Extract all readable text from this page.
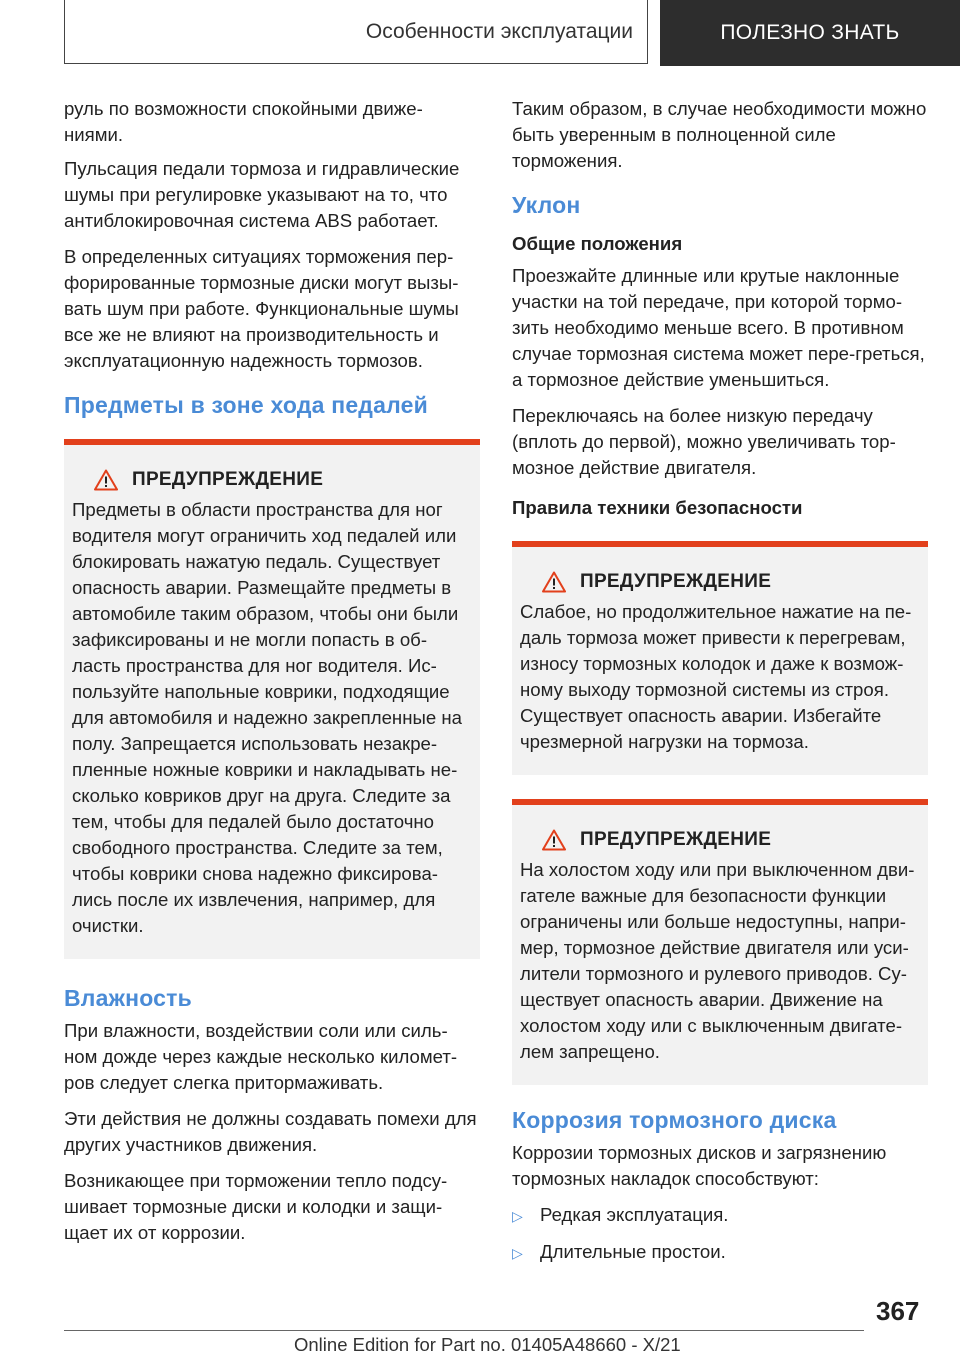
Особенности эксплуатации	ПОЛЕЗНО ЗНАТЬ

руль по возможности спокойными движе-ниями.

Пульсация педали тормоза и гидравлические шумы при регулировке указывают на то, что антиблокировочная система ABS работает.

В определенных ситуациях торможения пер-форированные тормозные диски могут вызы-вать шум при работе. Функциональные шумы все же не влияют на производительность и эксплуатационную надежность тормозов.

Предметы в зоне хода педалей
ПРЕДУПРЕЖДЕНИЕ

Предметы в области пространства для ног водителя могут ограничить ход педалей или блокировать нажатую педаль. Существует опасность аварии. Размещайте предметы в автомобиле таким образом, чтобы они были зафиксированы и не могли попасть в об-ласть пространства для ног водителя. Ис-пользуйте напольные коврики, подходящие для автомобиля и надежно закрепленные на полу. Запрещается использовать незакре-пленные ножные коврики и накладывать не-сколько ковриков друг на друга. Следите за тем, чтобы для педалей было достаточно свободного пространства. Следите за тем, чтобы коврики снова надежно фиксирова-лись после их извлечения, например, для очистки.

Влажность

При влажности, воздействии соли или силь-ном дожде через каждые несколько километ-ров следует слегка притормаживать.

Эти действия не должны создавать помехи для других участников движения.

Возникающее при торможении тепло подсу-шивает тормозные диски и колодки и защи-щает их от коррозии.

Таким образом, в случае необходимости можно быть уверенным в полноценной силе торможения.

Уклон
Общие положения

Проезжайте длинные или крутые наклонные участки на той передаче, при которой тормо-зить необходимо меньше всего. В противном случае тормозная система может пере-греться, а тормозное действие уменьшиться.

Переключаясь на более низкую передачу (вплоть до первой), можно увеличивать тор-мозное действие двигателя.

Правила техники безопасности
ПРЕДУПРЕЖДЕНИЕ

Слабое, но продолжительное нажатие на пе-даль тормоза может привести к перегревам, износу тормозных колодок и даже к возмож-ному выходу тормозной системы из строя. Существует опасность аварии. Избегайте чрезмерной нагрузки на тормоза.

ПРЕДУПРЕЖДЕНИЕ

На холостом ходу или при выключенном дви-гателе важные для безопасности функции ограничены или больше недоступны, напри-мер, тормозное действие двигателя или уси-лители тормозного и рулевого приводов. Су-ществует опасность аварии. Движение на холостом ходу или с выключенным двигате-лем запрещено.

Коррозия тормозного диска

Коррозии тормозных дисков и загрязнению тормозных накладок способствуют:

▷ Редкая эксплуатация.
▷ Длительные простои.
367
Online Edition for Part no. 01405A48660 - X/21
